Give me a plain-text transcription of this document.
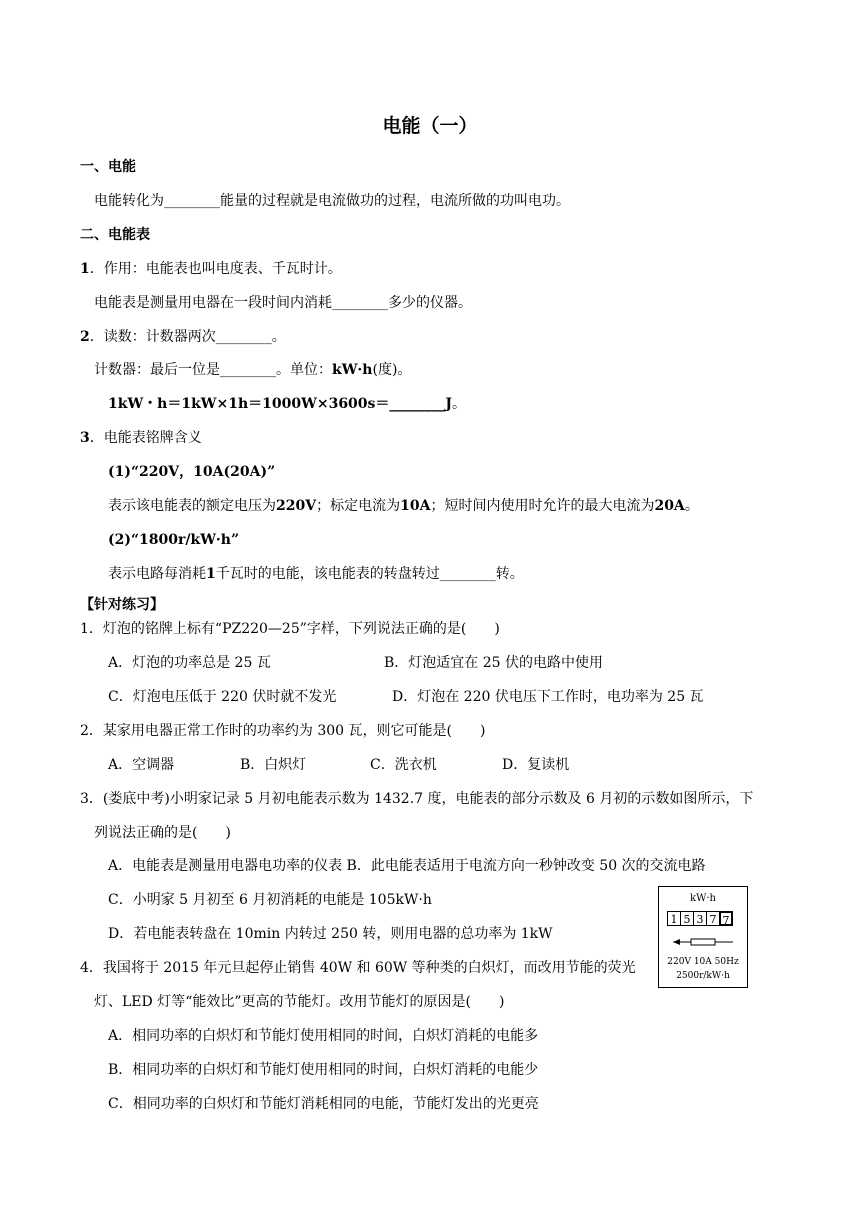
电能（一）
一、电能
电能转化为________能量的过程就是电流做功的过程，电流所做的功叫电功。
二、电能表
1．作用：电能表也叫电度表、千瓦时计。
电能表是测量用电器在一段时间内消耗________多少的仪器。
2．读数：计数器两次________。
计数器：最后一位是________。单位：kW·h(度)。
1kW・h＝1kW×1h＝1000W×3600s＝________J。
3．电能表铭牌含义
(1)“220V，10A(20A)”
表示该电能表的额定电压为220V；标定电流为10A；短时间内使用时允许的最大电流为20A。
(2)“1800r/kW·h”
表示电路每消耗1千瓦时的电能，该电能表的转盘转过________转。
【针对练习】
1．灯泡的铭牌上标有“PZ220—25”字样，下列说法正确的是(　　)
A．灯泡的功率总是 25 瓦	B．灯泡适宜在 25 伏的电路中使用
C．灯泡电压低于 220 伏时就不发光	D．灯泡在 220 伏电压下工作时，电功率为 25 瓦
2．某家用电器正常工作时的功率约为 300 瓦，则它可能是(　　)
A．空调器	B．白炽灯	C．洗衣机	D．复读机
3．(娄底中考)小明家记录 5 月初电能表示数为 1432.7 度，电能表的部分示数及 6 月初的示数如图所示，下
列说法正确的是(　　)
A．电能表是测量用电器电功率的仪表 B．此电能表适用于电流方向一秒钟改变 50 次的交流电路
C．小明家 5 月初至 6 月初消耗的电能是 105kW·h
D．若电能表转盘在 10min 内转过 250 转，则用电器的总功率为 1kW
kW·h
1 5 3 7 7
220V 10A 50Hz
2500r/kW·h
4．我国将于 2015 年元旦起停止销售 40W 和 60W 等种类的白炽灯，而改用节能的荧光
灯、LED 灯等“能效比”更高的节能灯。改用节能灯的原因是(　　)
A．相同功率的白炽灯和节能灯使用相同的时间，白炽灯消耗的电能多
B．相同功率的白炽灯和节能灯使用相同的时间，白炽灯消耗的电能少
C．相同功率的白炽灯和节能灯消耗相同的电能，节能灯发出的光更亮
